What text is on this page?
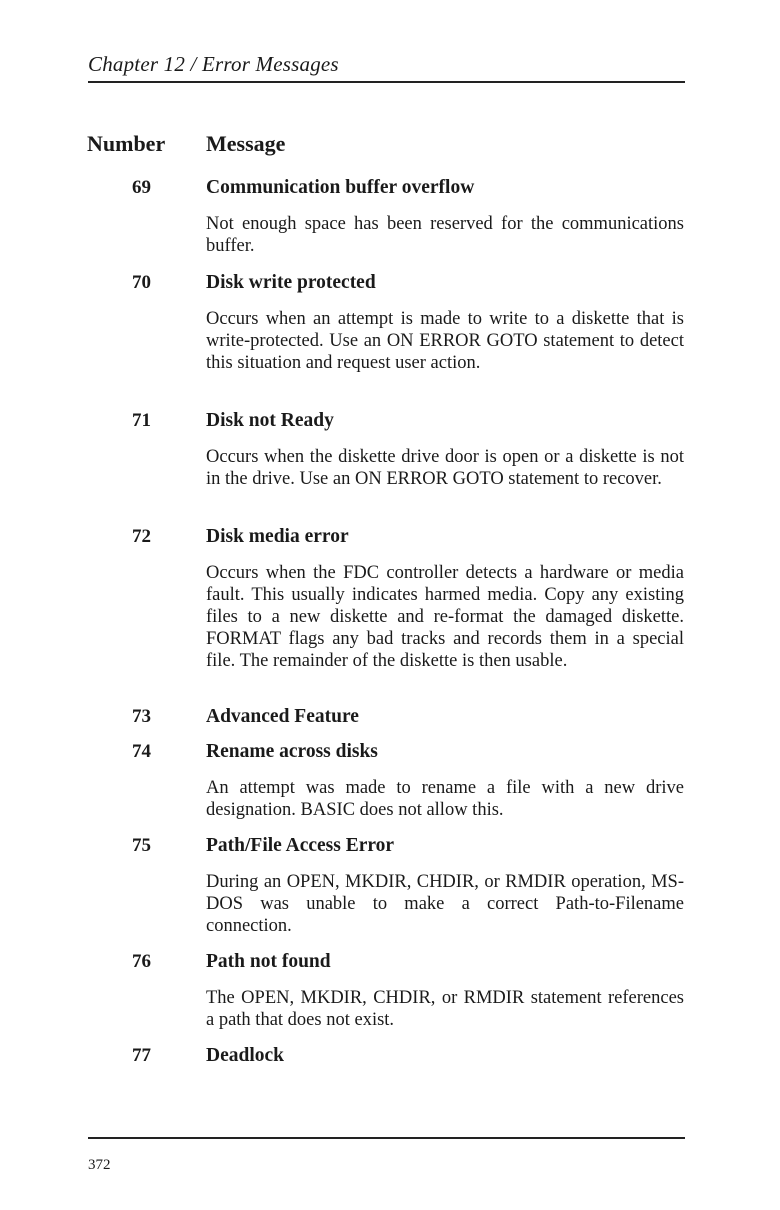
Chapter 12 / Error Messages
Number Message
69	Communication buffer overflow
Not enough space has been reserved for the communications buffer.
70	Disk write protected
Occurs when an attempt is made to write to a diskette that is write-protected. Use an ON ERROR GOTO statement to detect this situation and request user action.
71	Disk not Ready
Occurs when the diskette drive door is open or a diskette is not in the drive. Use an ON ERROR GOTO statement to recover.
72	Disk media error
Occurs when the FDC controller detects a hardware or media fault. This usually indicates harmed media. Copy any existing files to a new diskette and re-format the damaged diskette. FORMAT flags any bad tracks and records them in a special file. The remainder of the diskette is then usable.
73	Advanced Feature
74	Rename across disks
An attempt was made to rename a file with a new drive designation. BASIC does not allow this.
75	Path/File Access Error
During an OPEN, MKDIR, CHDIR, or RMDIR operation, MS-DOS was unable to make a correct Path-to-Filename connection.
76	Path not found
The OPEN, MKDIR, CHDIR, or RMDIR statement references a path that does not exist.
77	Deadlock
372
